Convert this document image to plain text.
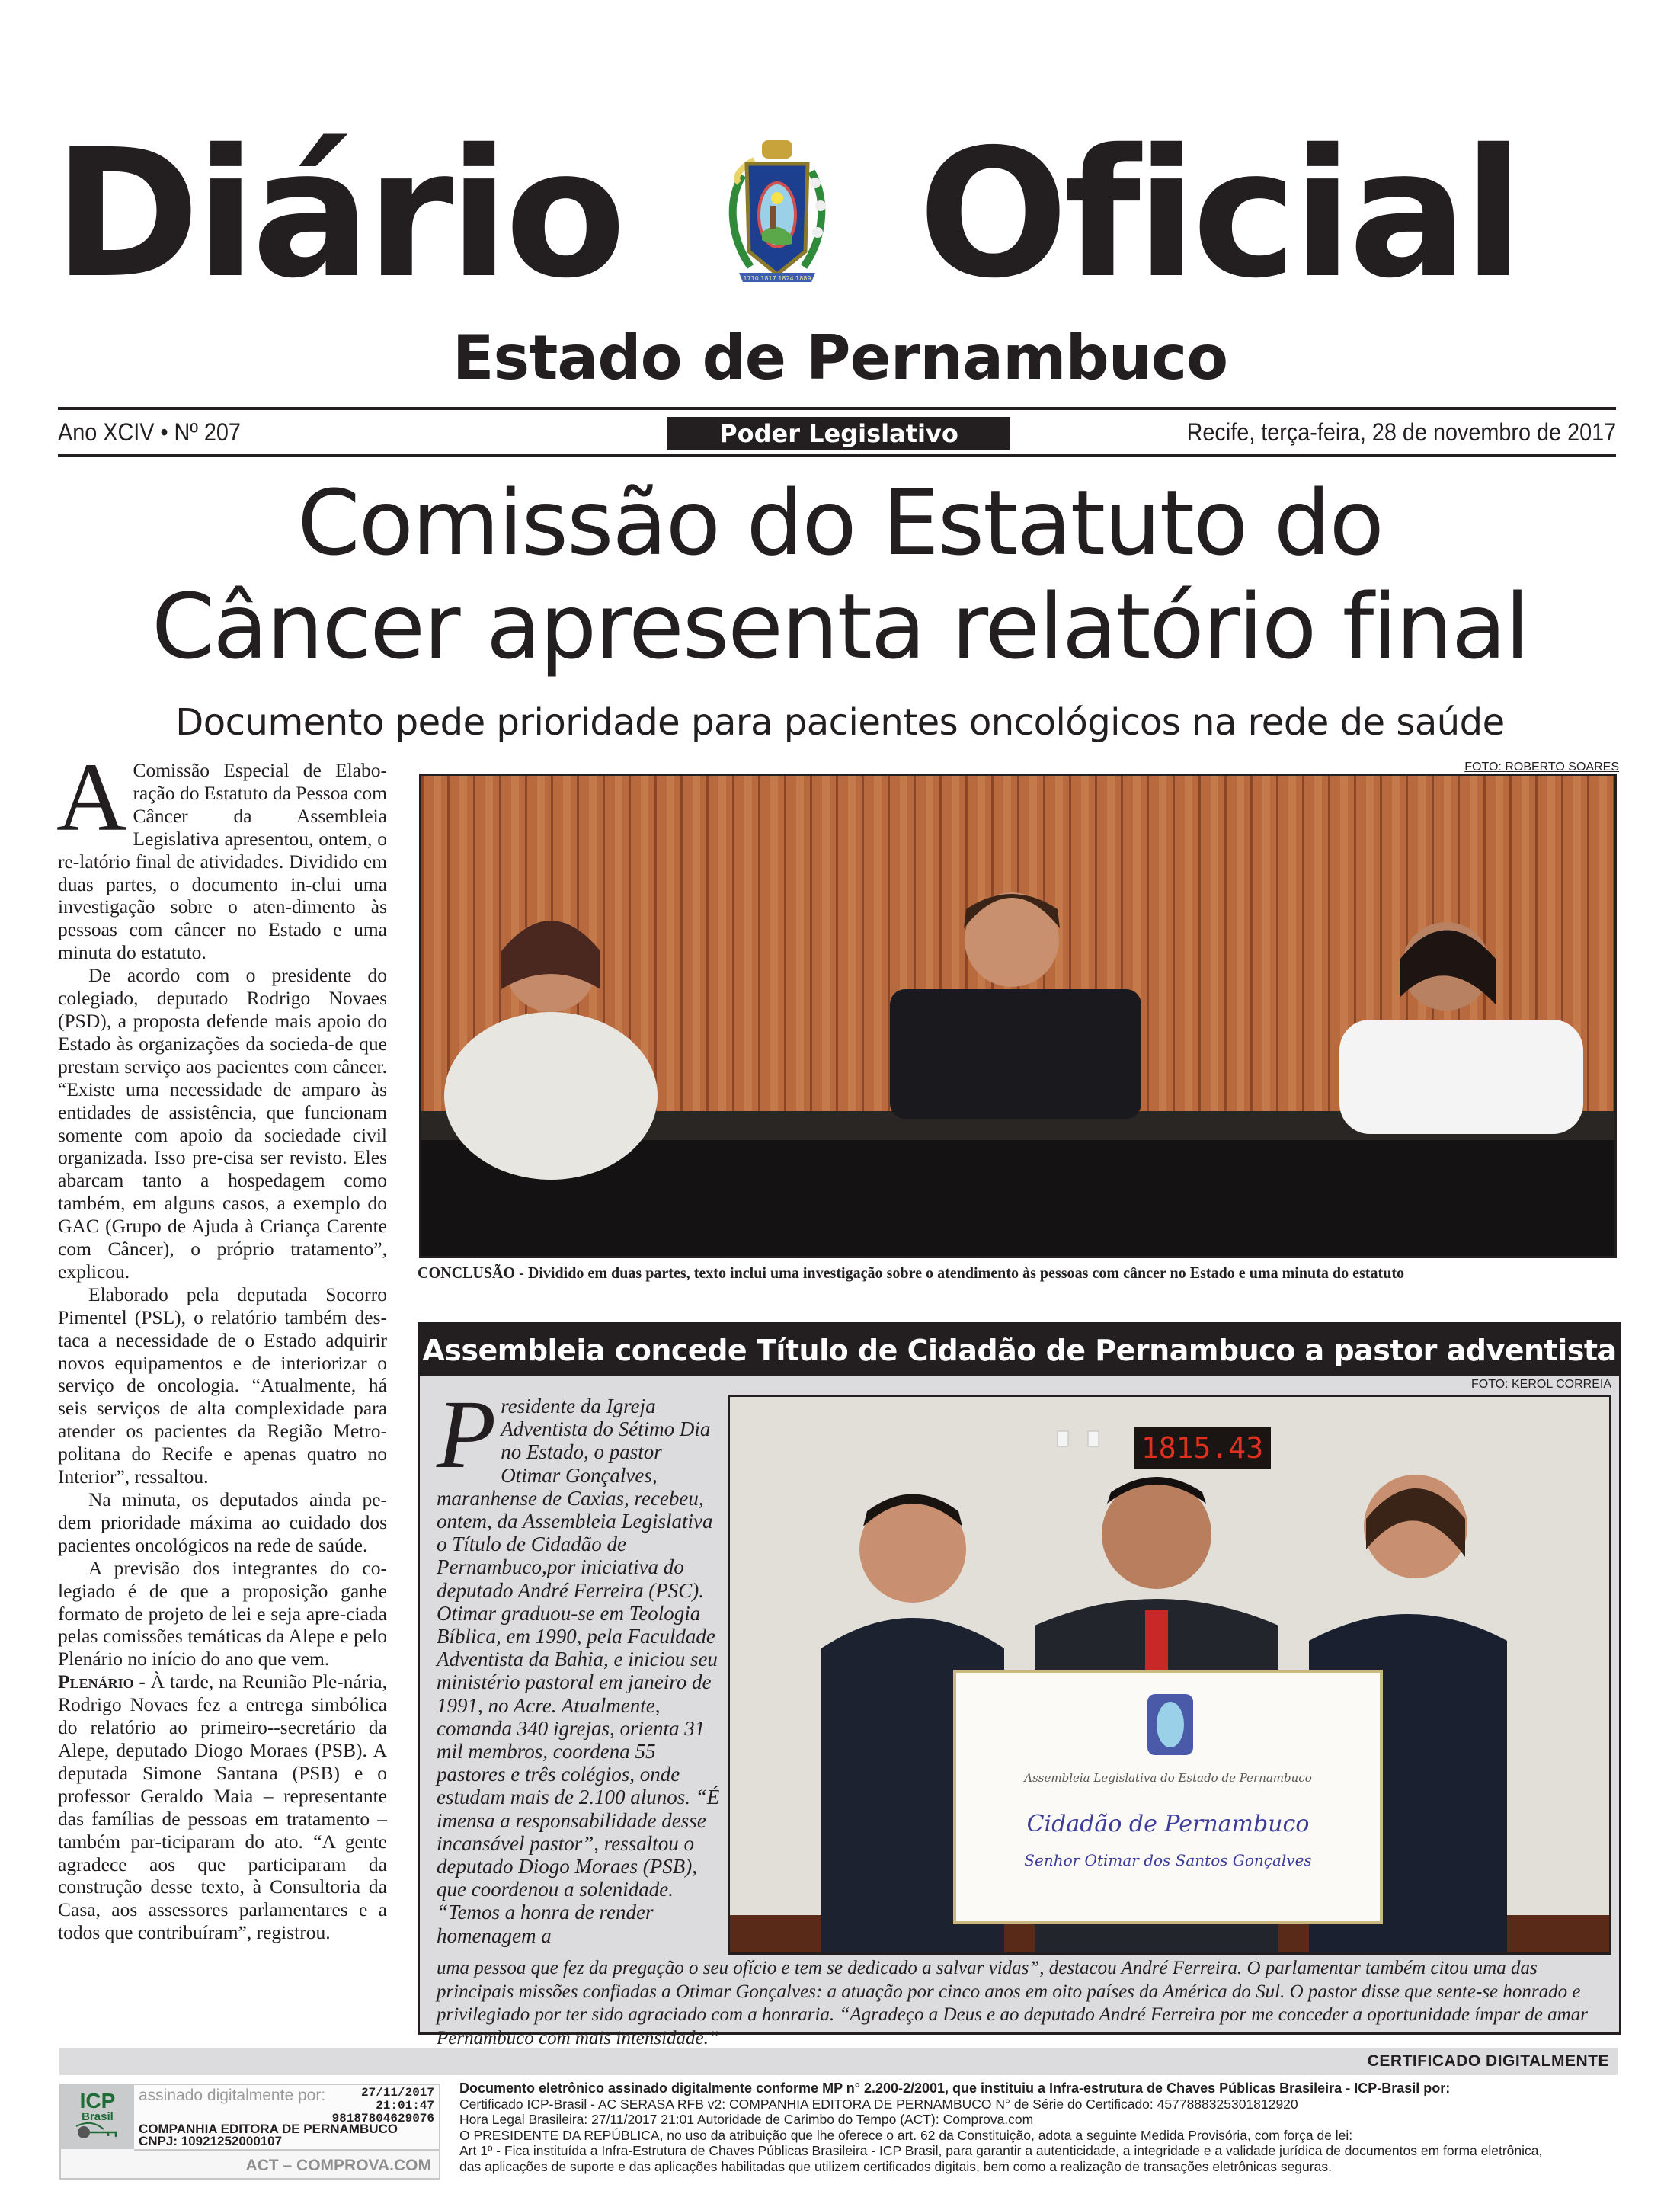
Diário	1710 1817 1824 1889 Oficial
Estado de Pernambuco
Ano XCIV • Nº 207	Poder Legislativo	Recife, terça-feira, 28 de novembro de 2017
Comissão do Estatuto do
Câncer apresenta relatório final
Documento pede prioridade para pacientes oncológicos na rede de saúde

A Comissão Especial de Elabo-ração do Estatuto da Pessoa com Câncer da Assembleia Legislativa apresentou, ontem, o re-latório final de atividades. Dividido em duas partes, o documento in-clui uma investigação sobre o aten-dimento às pessoas com câncer no Estado e uma minuta do estatuto.

De acordo com o presidente do colegiado, deputado Rodrigo Novaes (PSD), a proposta defende mais apoio do Estado às organizações da socieda-de que prestam serviço aos pacientes com câncer. “Existe uma necessidade de amparo às entidades de assistência, que funcionam somente com apoio da sociedade civil organizada. Isso pre-cisa ser revisto. Eles abarcam tanto a hospedagem como também, em alguns casos, a exemplo do GAC (Grupo de Ajuda à Criança Carente com Câncer), o próprio tratamento”, explicou.

Elaborado pela deputada Socorro Pimentel (PSL), o relatório também des-taca a necessidade de o Estado adquirir novos equipamentos e de interiorizar o serviço de oncologia. “Atualmente, há seis serviços de alta complexidade para atender os pacientes da Região Metro-politana do Recife e apenas quatro no Interior”, ressaltou.

Na minuta, os deputados ainda pe-dem prioridade máxima ao cuidado dos pacientes oncológicos na rede de saúde.

A previsão dos integrantes do co-legiado é de que a proposição ganhe formato de projeto de lei e seja apre-ciada pelas comissões temáticas da Alepe e pelo Plenário no início do ano que vem.

Plenário - À tarde, na Reunião Ple-nária, Rodrigo Novaes fez a entrega simbólica do relatório ao primeiro--secretário da Alepe, deputado Diogo Moraes (PSB). A deputada Simone Santana (PSB) e o professor Geraldo Maia – representante das famílias de pessoas em tratamento – também par-ticiparam do ato. “A gente agradece aos que participaram da construção desse texto, à Consultoria da Casa, aos assessores parlamentares e a todos que contribuíram”, registrou.

FOTO: ROBERTO SOARES
CONCLUSÃO - Dividido em duas partes, texto inclui uma investigação sobre o atendimento às pessoas com câncer no Estado e uma minuta do estatuto
Assembleia concede Título de Cidadão de Pernambuco a pastor adventista
FOTO: KEROL CORREIA
1815.43
Assembleia Legislativa do Estado de Pernambuco
Cidadão de Pernambuco
Senhor Otimar dos Santos Gonçalves
Presidente da Igreja Adventista do Sétimo Dia no Estado, o pastor Otimar Gonçalves, maranhense de Caxias, recebeu, ontem, da Assembleia Legislativa o Título de Cidadão de Pernambuco,por iniciativa do deputado André Ferreira (PSC). Otimar graduou-se em Teologia Bíblica, em 1990, pela Faculdade Adventista da Bahia, e iniciou seu ministério pastoral em janeiro de 1991, no Acre. Atualmente, comanda 340 igrejas, orienta 31 mil membros, coordena 55 pastores e três colégios, onde estudam mais de 2.100 alunos. “É imensa a responsabilidade desse incansável pastor”, ressaltou o deputado Diogo Moraes (PSB), que coordenou a solenidade. “Temos a honra de render homenagem a
uma pessoa que fez da pregação o seu ofício e tem se dedicado a salvar vidas”, destacou André Ferreira. O parlamentar também citou uma das principais missões confiadas a Otimar Gonçalves: a atuação por cinco anos em oito países da América do Sul. O pastor disse que sente-se honrado e privilegiado por ter sido agraciado com a honraria. “Agradeço a Deus e ao deputado André Ferreira por me conceder a oportunidade ímpar de amar Pernambuco com mais intensidade.”
CERTIFICADO DIGITALMENTE
ICP
Brasil
assinado digitalmente por:	27/11/2017
21:01:47
98187804629076
COMPANHIA EDITORA DE PERNAMBUCO
CNPJ: 10921252000107
ACT – COMPROVA.COM
Documento eletrônico assinado digitalmente conforme MP n° 2.200-2/2001, que instituiu a Infra-estrutura de Chaves Públicas Brasileira - ICP-Brasil por:
Certificado ICP-Brasil - AC SERASA RFB v2: COMPANHIA EDITORA DE PERNAMBUCO N° de Série do Certificado: 4577888325301812920
Hora Legal Brasileira: 27/11/2017 21:01 Autoridade de Carimbo do Tempo (ACT): Comprova.com
O PRESIDENTE DA REPÚBLICA, no uso da atribuição que lhe oferece o art. 62 da Constituição, adota a seguinte Medida Provisória, com força de lei:
Art 1º - Fica instituída a Infra-Estrutura de Chaves Públicas Brasileira - ICP Brasil, para garantir a autenticidade, a integridade e a validade jurídica de documentos em forma eletrônica,
das aplicações de suporte e das aplicações habilitadas que utilizem certificados digitais, bem como a realização de transações eletrônicas seguras.
